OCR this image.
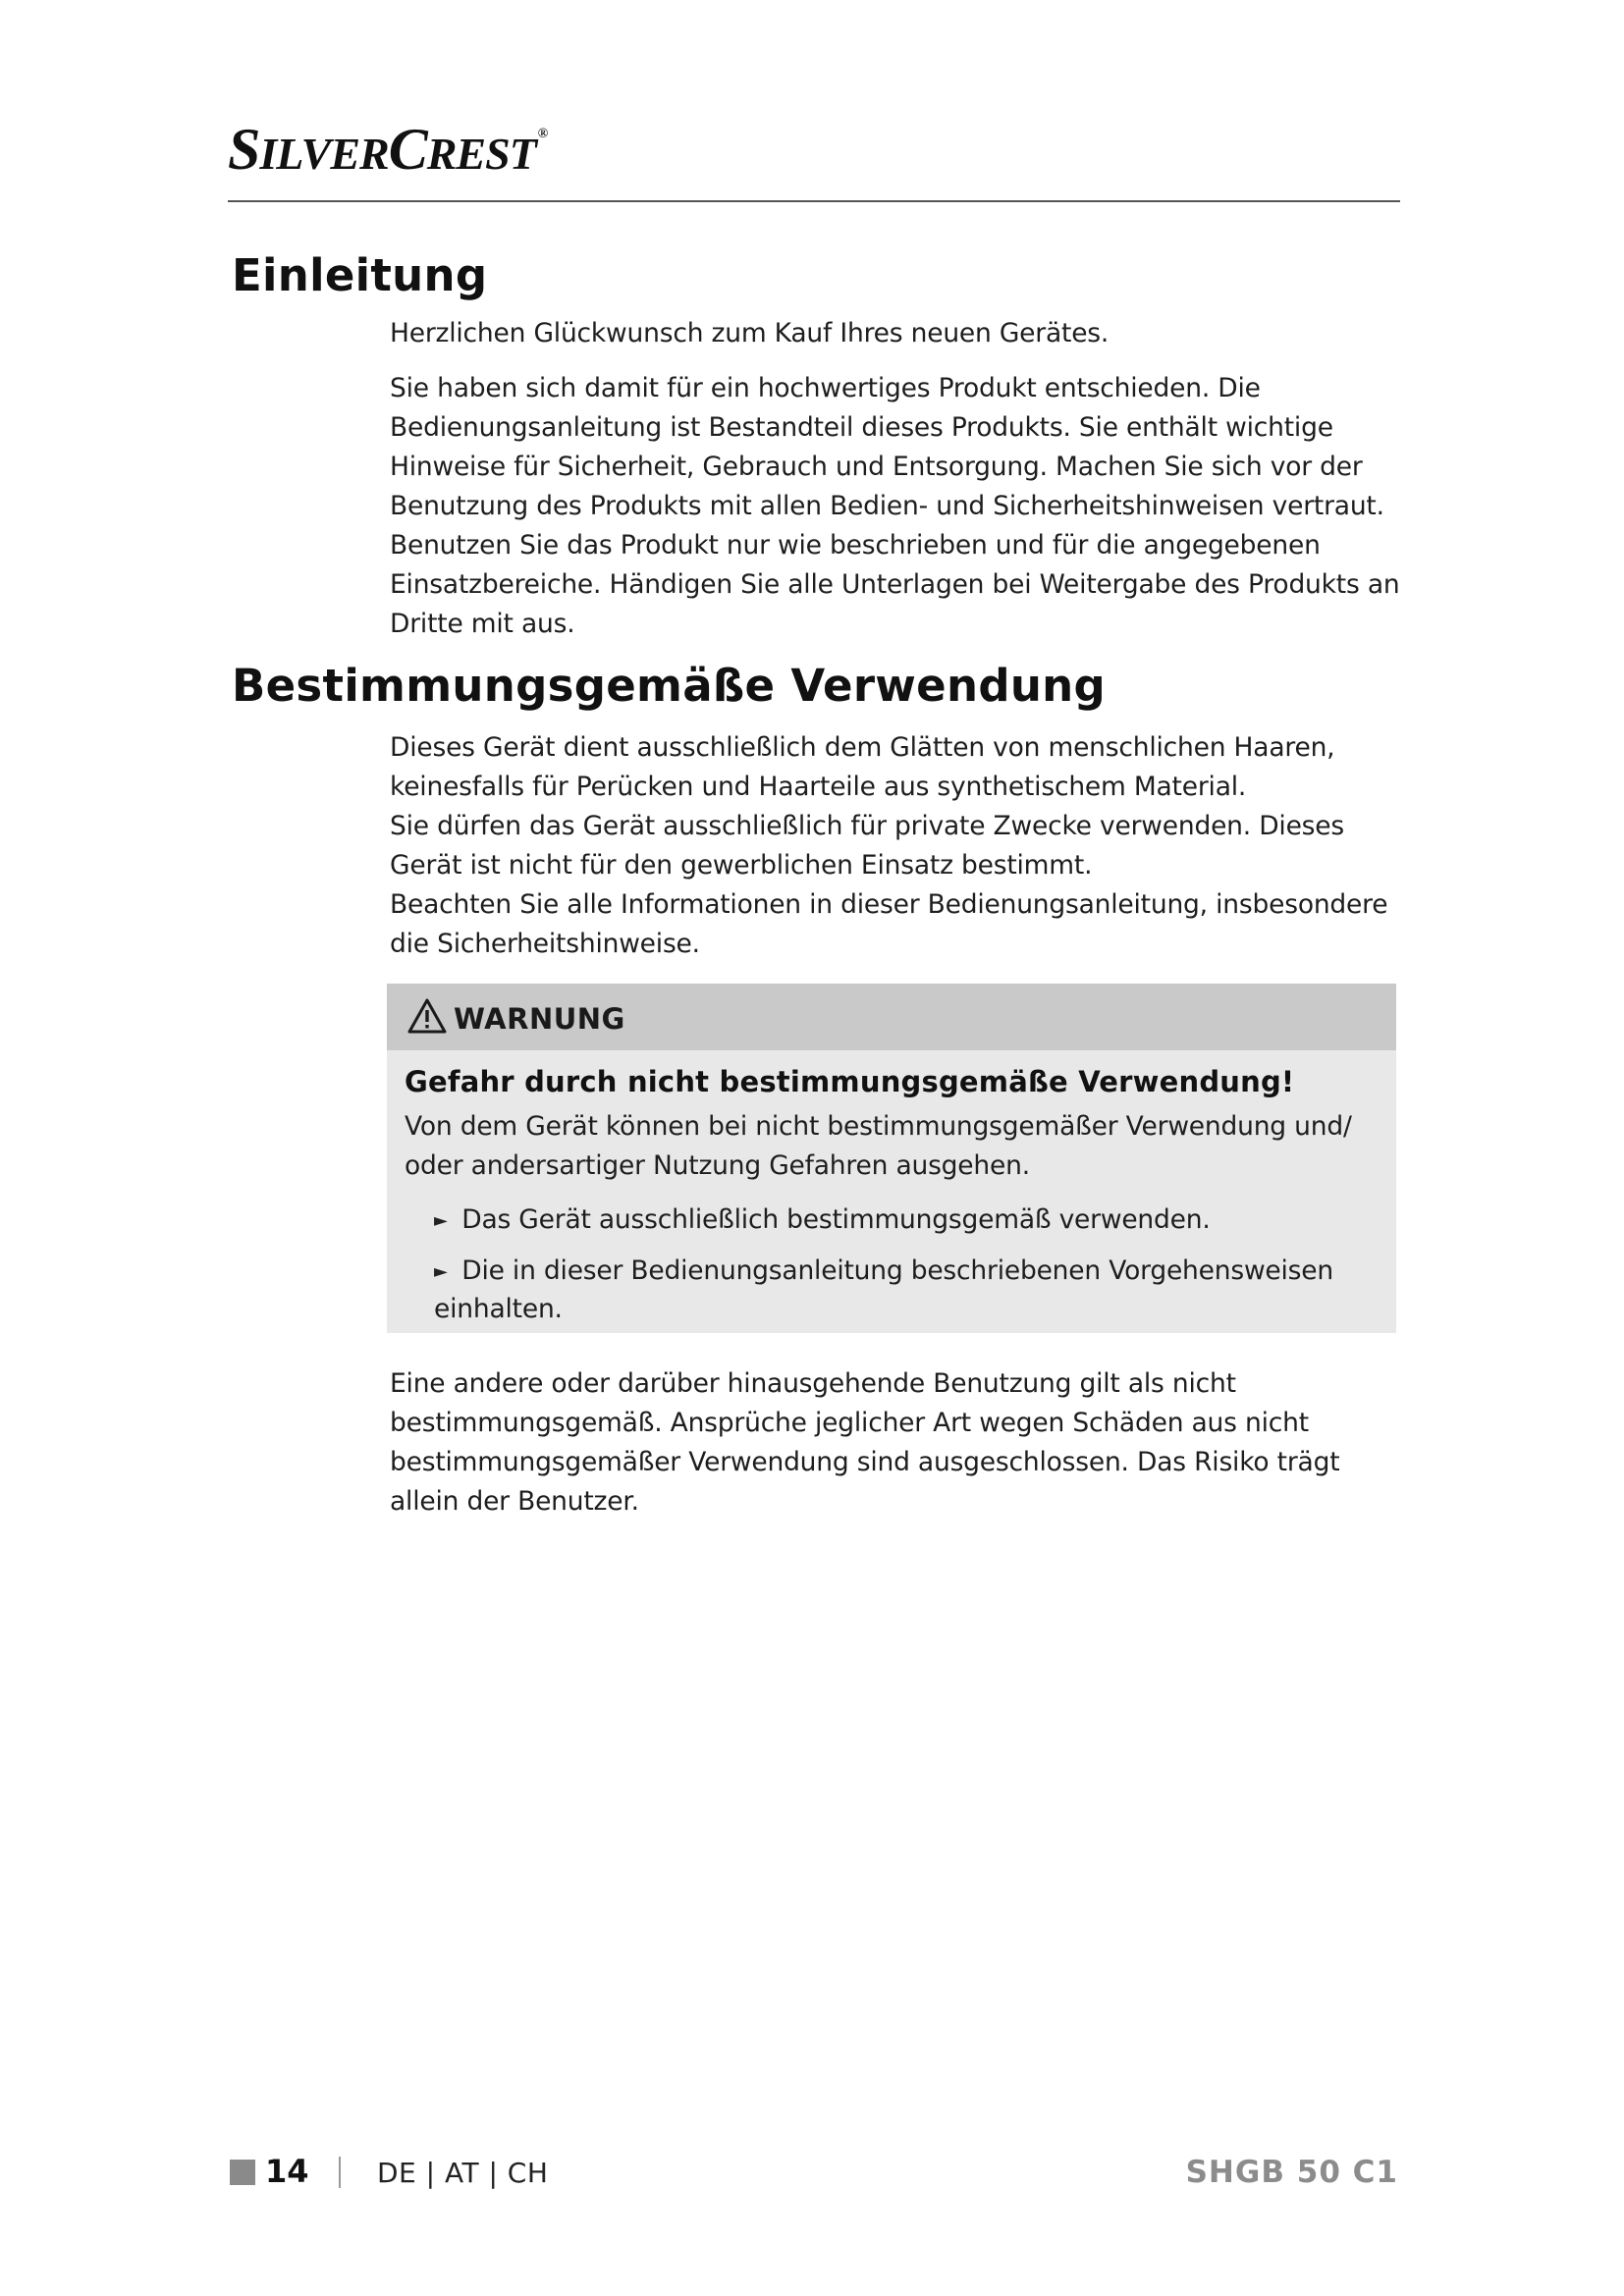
SILVERCREST ®
Einleitung

Herzlichen Glückwunsch zum Kauf Ihres neuen Gerätes.

Sie haben sich damit für ein hochwertiges Produkt entschieden. Die Bedienungsanleitung ist Bestandteil dieses Produkts. Sie enthält wichtige Hinweise für Sicherheit, Gebrauch und Entsorgung. Machen Sie sich vor der Benutzung des Produkts mit allen Bedien- und Sicherheitshinweisen vertraut. Benutzen Sie das Produkt nur wie beschrieben und für die angegebenen Einsatzbereiche. Händigen Sie alle Unterlagen bei Weitergabe des Produkts an Dritte mit aus.

Bestimmungsgemäße Verwendung

Dieses Gerät dient ausschließlich dem Glätten von menschlichen Haaren, keinesfalls für Perücken und Haarteile aus synthetischem Material.

Sie dürfen das Gerät ausschließlich für private Zwecke verwenden. Dieses Gerät ist nicht für den gewerblichen Einsatz bestimmt.

Beachten Sie alle Informationen in dieser Bedienungsanleitung, insbesondere die Sicherheitshinweise.

WARNUNG
Gefahr durch nicht bestimmungsgemäße Verwendung!

Von dem Gerät können bei nicht bestimmungsgemäßer Verwendung und/ oder andersartiger Nutzung Gefahren ausgehen.

► Das Gerät ausschließlich bestimmungsgemäß verwenden.
► Die in dieser Bedienungsanleitung beschriebenen Vorgehensweisen einhalten.

Eine andere oder darüber hinausgehende Benutzung gilt als nicht bestimmungsgemäß. Ansprüche jeglicher Art wegen Schäden aus nicht bestimmungsgemäßer Verwendung sind ausgeschlossen. Das Risiko trägt allein der Benutzer.

14 DE | AT | CH	SHGB 50 C1
